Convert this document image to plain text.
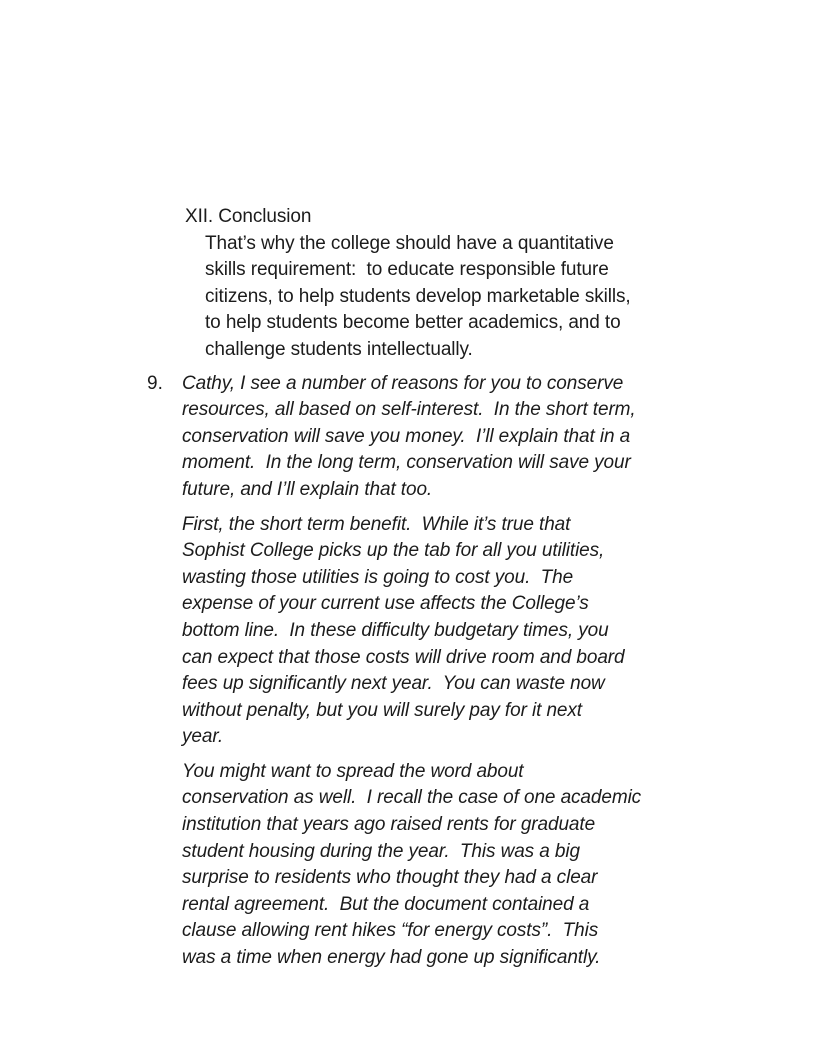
XII. Conclusion
That’s why the college should have a quantitative
skills requirement:  to educate responsible future
citizens, to help students develop marketable skills,
to help students become better academics, and to
challenge students intellectually.
9.	Cathy, I see a number of reasons for you to conserve
resources, all based on self-interest.  In the short term,
conservation will save you money.  I’ll explain that in a
moment.  In the long term, conservation will save your
future, and I’ll explain that too.
First, the short term benefit.  While it’s true that
Sophist College picks up the tab for all you utilities,
wasting those utilities is going to cost you.  The
expense of your current use affects the College’s
bottom line.  In these difficulty budgetary times, you
can expect that those costs will drive room and board
fees up significantly next year.  You can waste now
without penalty, but you will surely pay for it next
year.
You might want to spread the word about
conservation as well.  I recall the case of one academic
institution that years ago raised rents for graduate
student housing during the year.  This was a big
surprise to residents who thought they had a clear
rental agreement.  But the document contained a
clause allowing rent hikes “for energy costs”.  This
was a time when energy had gone up significantly.
